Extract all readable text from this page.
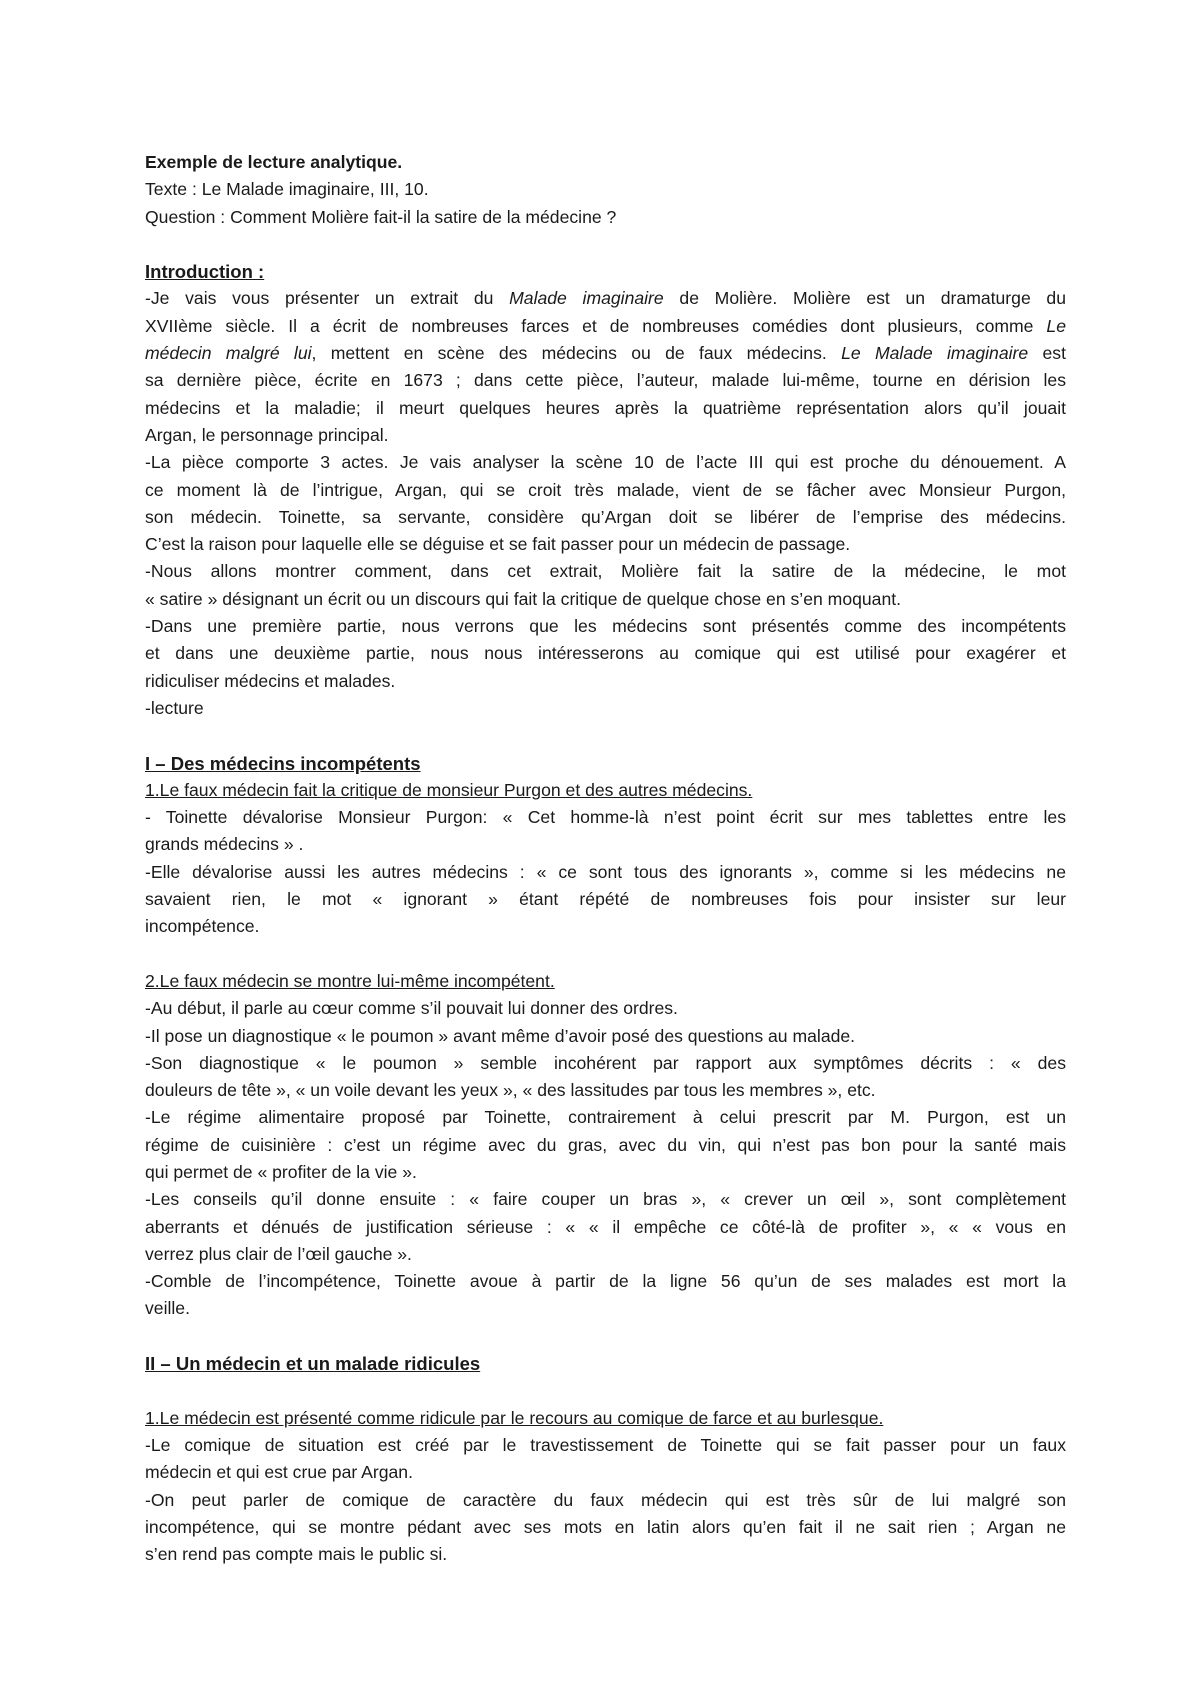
Exemple de lecture analytique.
Texte : Le Malade imaginaire, III, 10.
Question : Comment Molière fait-il la satire de la médecine ?
Introduction :
-Je vais vous présenter un extrait du Malade imaginaire de Molière. Molière est un dramaturge du
XVIIème siècle. Il a écrit de nombreuses farces et de nombreuses comédies dont plusieurs, comme Le
médecin malgré lui, mettent en scène des médecins ou de faux médecins. Le Malade imaginaire est
sa dernière pièce, écrite en 1673 ; dans cette pièce, l’auteur, malade lui-même, tourne en dérision les
médecins et la maladie; il meurt quelques heures après la quatrième représentation alors qu’il jouait
Argan, le personnage principal.
-La pièce comporte 3 actes. Je vais analyser la scène 10 de l’acte III qui est proche du dénouement. A
ce moment là de l’intrigue, Argan, qui se croit très malade, vient de se fâcher avec Monsieur Purgon,
son médecin. Toinette, sa servante, considère qu’Argan doit se libérer de l’emprise des médecins.
C’est la raison pour laquelle elle se déguise et se fait passer pour un médecin de passage.
-Nous allons montrer comment, dans cet extrait, Molière fait la satire de la médecine, le mot
« satire » désignant un écrit ou un discours qui fait la critique de quelque chose en s’en moquant.
-Dans une première partie, nous verrons que les médecins sont présentés comme des incompétents
et dans une deuxième partie, nous nous intéresserons au comique qui est utilisé pour exagérer et
ridiculiser médecins et malades.
-lecture
I – Des médecins incompétents
1.Le faux médecin fait la critique de monsieur Purgon et des autres médecins.
- Toinette dévalorise Monsieur Purgon: « Cet homme-là n’est point écrit sur mes tablettes entre les
grands médecins » .
-Elle dévalorise aussi les autres médecins : « ce sont tous des ignorants », comme si les médecins ne
savaient rien, le mot « ignorant » étant répété de nombreuses fois pour insister sur leur
incompétence.
2.Le faux médecin se montre lui-même incompétent.
-Au début, il parle au cœur comme s’il pouvait lui donner des ordres.
-Il pose un diagnostique « le poumon » avant même d’avoir posé des questions au malade.
-Son diagnostique « le poumon » semble incohérent par rapport aux symptômes décrits : « des
douleurs de tête », « un voile devant les yeux », « des lassitudes par tous les membres », etc.
-Le régime alimentaire proposé par Toinette, contrairement à celui prescrit par M. Purgon, est un
régime de cuisinière : c’est un régime avec du gras, avec du vin, qui n’est pas bon pour la santé mais
qui permet de « profiter de la vie ».
-Les conseils qu’il donne ensuite : « faire couper un bras », « crever un œil », sont complètement
aberrants et dénués de justification sérieuse : « « il empêche ce côté-là de profiter », « « vous en
verrez plus clair de l’œil gauche ».
-Comble de l’incompétence, Toinette avoue à partir de la ligne 56 qu’un de ses malades est mort la
veille.
II – Un médecin et un malade ridicules
1.Le médecin est présenté comme ridicule par le recours au comique de farce et au burlesque.
-Le comique de situation est créé par le travestissement de Toinette qui se fait passer pour un faux
médecin et qui est crue par Argan.
-On peut parler de comique de caractère du faux médecin qui est très sûr de lui malgré son
incompétence, qui se montre pédant avec ses mots en latin alors qu’en fait il ne sait rien ; Argan ne
s’en rend pas compte mais le public si.
